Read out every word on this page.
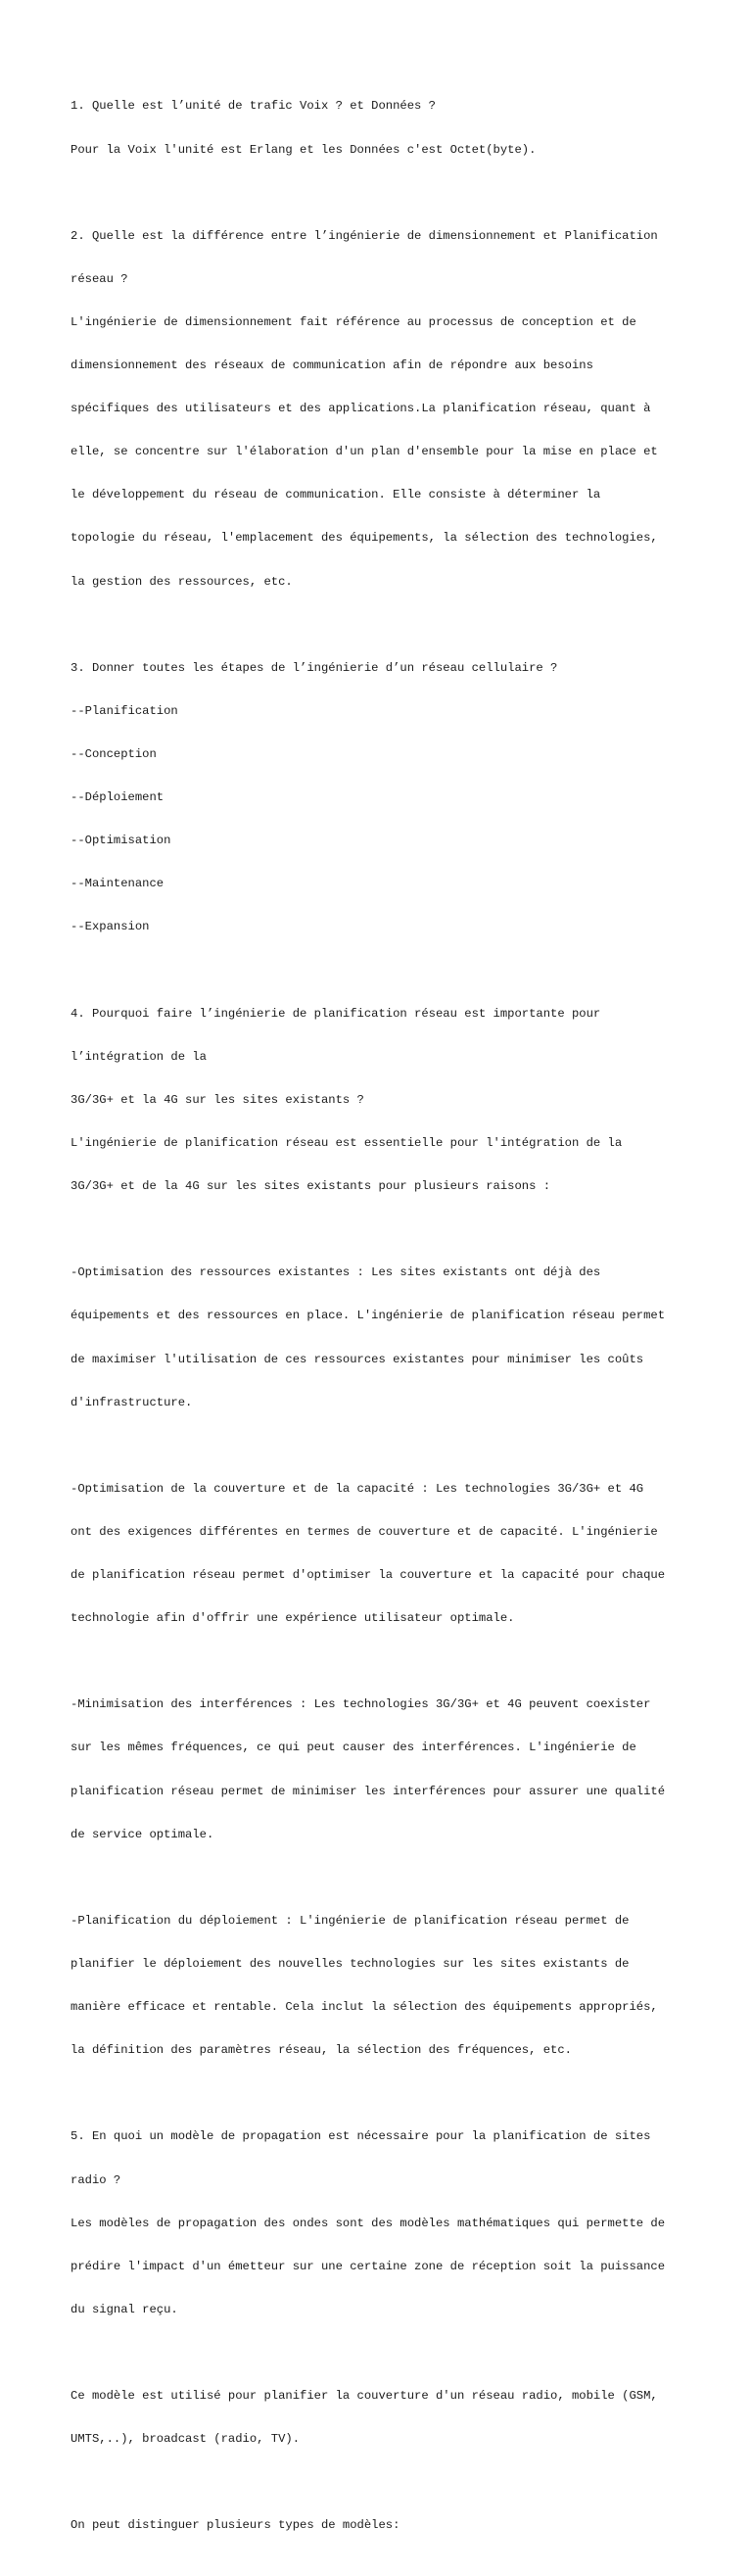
1. Quelle est l’unité de trafic Voix ? et Données ?

Pour la Voix l'unité est Erlang et les Données c'est Octet(byte).

2. Quelle est la différence entre l’ingénierie de dimensionnement et Planification

réseau ?

L'ingénierie de dimensionnement fait référence au processus de conception et de

dimensionnement des réseaux de communication afin de répondre aux besoins

spécifiques des utilisateurs et des applications.La planification réseau, quant à

elle, se concentre sur l'élaboration d'un plan d'ensemble pour la mise en place et

le développement du réseau de communication. Elle consiste à déterminer la

topologie du réseau, l'emplacement des équipements, la sélection des technologies,

la gestion des ressources, etc.

3. Donner toutes les étapes de l’ingénierie d’un réseau cellulaire ?

--Planification

--Conception

--Déploiement

--Optimisation

--Maintenance

--Expansion

4. Pourquoi faire l’ingénierie de planification réseau est importante pour

l’intégration de la

3G/3G+ et la 4G sur les sites existants ?

L'ingénierie de planification réseau est essentielle pour l'intégration de la

3G/3G+ et de la 4G sur les sites existants pour plusieurs raisons :

-Optimisation des ressources existantes : Les sites existants ont déjà des

équipements et des ressources en place. L'ingénierie de planification réseau permet

de maximiser l'utilisation de ces ressources existantes pour minimiser les coûts

d'infrastructure.

-Optimisation de la couverture et de la capacité : Les technologies 3G/3G+ et 4G

ont des exigences différentes en termes de couverture et de capacité. L'ingénierie

de planification réseau permet d'optimiser la couverture et la capacité pour chaque

technologie afin d'offrir une expérience utilisateur optimale.

-Minimisation des interférences : Les technologies 3G/3G+ et 4G peuvent coexister

sur les mêmes fréquences, ce qui peut causer des interférences. L'ingénierie de

planification réseau permet de minimiser les interférences pour assurer une qualité

de service optimale.

-Planification du déploiement : L'ingénierie de planification réseau permet de

planifier le déploiement des nouvelles technologies sur les sites existants de

manière efficace et rentable. Cela inclut la sélection des équipements appropriés,

la définition des paramètres réseau, la sélection des fréquences, etc.

5. En quoi un modèle de propagation est nécessaire pour la planification de sites

radio ?

Les modèles de propagation des ondes sont des modèles mathématiques qui permette de

prédire l'impact d'un émetteur sur une certaine zone de réception soit la puissance

du signal reçu.

Ce modèle est utilisé pour planifier la couverture d'un réseau radio, mobile (GSM,

UMTS,..), broadcast (radio, TV).

On peut distinguer plusieurs types de modèles:
